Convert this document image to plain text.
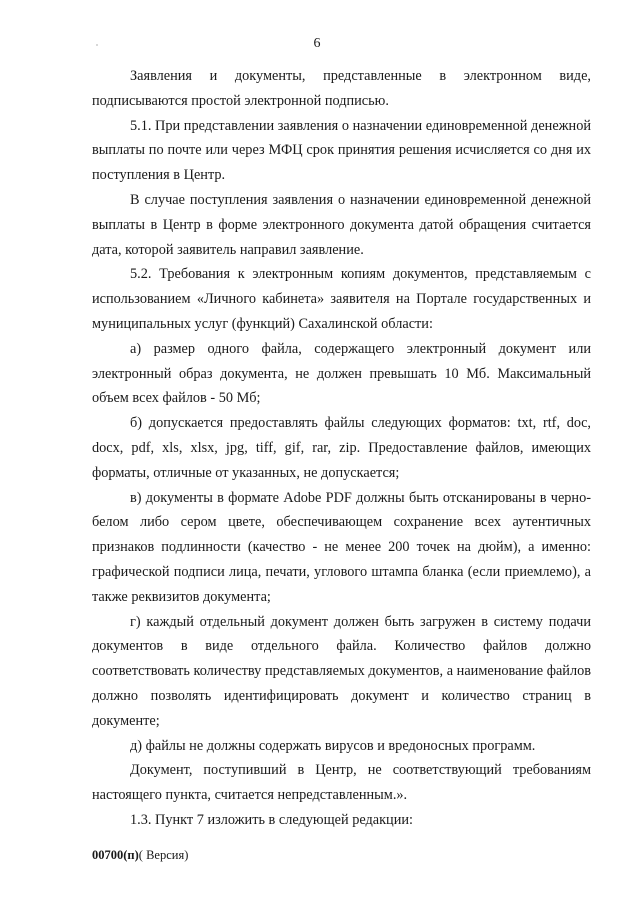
6

Заявления и документы, представленные в электронном виде, подписываются простой электронной подписью.

5.1. При представлении заявления о назначении единовременной денежной выплаты по почте или через МФЦ срок принятия решения исчисляется со дня их поступления в Центр.

В случае поступления заявления о назначении единовременной денежной выплаты в Центр в форме электронного документа датой обращения считается дата, которой заявитель направил заявление.

5.2. Требования к электронным копиям документов, представляемым с использованием «Личного кабинета» заявителя на Портале государственных и муниципальных услуг (функций) Сахалинской области:

а) размер одного файла, содержащего электронный документ или электронный образ документа, не должен превышать 10 Мб. Максимальный объем всех файлов - 50 Мб;

б) допускается предоставлять файлы следующих форматов: txt, rtf, doc, docx, pdf, xls, xlsx, jpg, tiff, gif, rar, zip. Предоставление файлов, имеющих форматы, отличные от указанных, не допускается;

в) документы в формате Adobe PDF должны быть отсканированы в черно-белом либо сером цвете, обеспечивающем сохранение всех аутентичных признаков подлинности (качество - не менее 200 точек на дюйм), а именно: графической подписи лица, печати, углового штампа бланка (если приемлемо), а также реквизитов документа;

г) каждый отдельный документ должен быть загружен в систему подачи документов в виде отдельного файла. Количество файлов должно соответствовать количеству представляемых документов, а наименование файлов должно позволять идентифицировать документ и количество страниц в документе;

д) файлы не должны содержать вирусов и вредоносных программ.

Документ, поступивший в Центр, не соответствующий требованиям настоящего пункта, считается непредставленным.».

1.3. Пункт 7 изложить в следующей редакции:

00700(п)( Версия)
